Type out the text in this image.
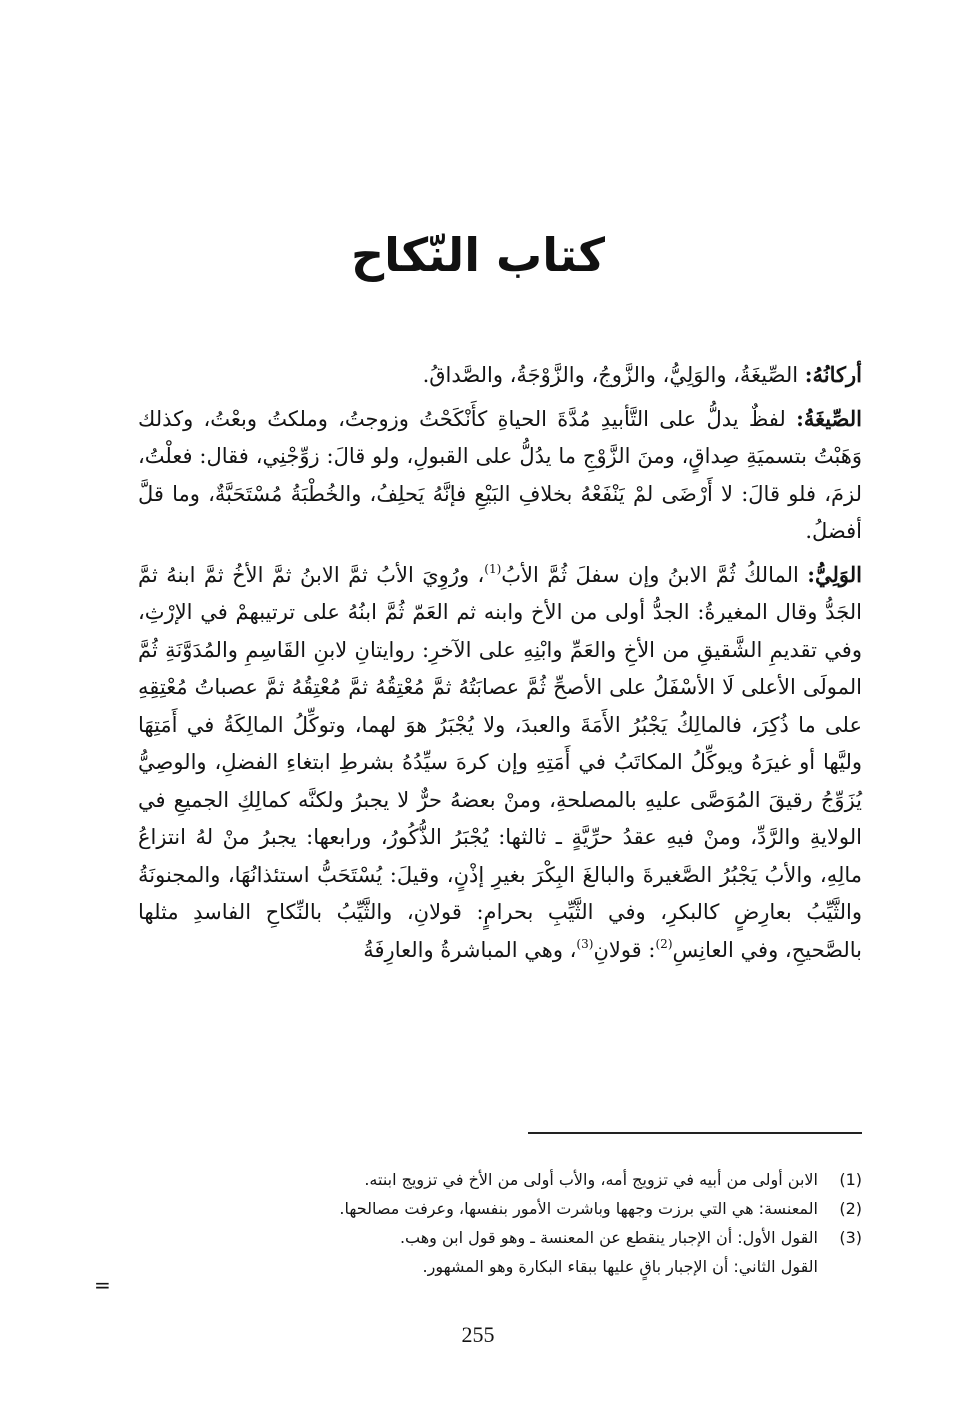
كتاب النّكاح

أركانُهُ: الصِّيغَةُ، والوَلِيُّ، والزَّوجُ، والزَّوْجَةُ، والصَّداقُ.

الصِّيغَةُ: لفظٌ يدلُّ على التَّأبيدِ مُدَّةَ الحياةِ كأَنْكَحْتُ وزوجتُ، وملكتُ وبعْتُ، وكذلك وَهَبْتُ بتسميَةِ صِداقٍ، ومنَ الزَّوْجِ ما يدُلُّ على القبولِ، ولو قالَ: زوِّجْنِي، فقال: فعلْتُ، لزمَ، فلو قالَ: لا أَرْضَى لمْ يَنْفَعْهُ بخلافِ البَيْعِ فإنَّهُ يَحلِفُ، والخُطْبَةُ مُسْتَحَبَّةٌ، وما قلَّ أفضلُ.

الوَلِيُّ: المالكُ ثُمَّ الابنُ وإن سفلَ ثُمَّ الأبُ$^{(1)}$، ورُوِيَ الأبُ ثمَّ الابنُ ثمَّ الأخُ ثمَّ ابنهُ ثمَّ الجَدُّ وقال المغيرةُ: الجدُّ أولى من الأخ وابنه ثم العَمّ ثُمَّ ابنُهُ على ترتيبهمْ في الإرْثِ، وفي تقديمِ الشَّقيقِ من الأخِ والعَمِّ وابْنِهِ على الآخرِ: روايتانِ لابنِ القَاسِمِ والمُدَوَّنَةِ ثُمَّ المولَى الأعلى لَا الأسْفَلُ على الأصحِّ ثُمَّ عصابَتُهُ ثمَّ مُعْتِقُهُ ثمَّ مُعْتِقُهُ ثمَّ عصباتُ مُعْتِقِهِ على ما ذُكِرَ، فالمالِكُ يَجْبُرُ الأَمَةَ والعبدَ، ولا يُجْبَرُ هوَ لهما، وتوكِّلُ المالِكَةُ في أَمَتِهَا وليَّها أو غيرَهُ ويوكِّلُ المكاتَبُ في أَمَتِهِ وإن كرهَ سيِّدُهُ بشرطِ ابتغاءِ الفضلِ، والوصِيُّ يُزَوِّجُ رقيقَ المُوَصَّى عليهِ بالمصلحةِ، ومنْ بعضهُ حرٌّ لا يجبرُ ولكنَّه كمالِكِ الجميعِ في الولايةِ والرَّدِّ، ومنْ فيهِ عقدُ حرِّيَّةٍ ـ ثالثها: يُجْبَرُ الذُّكُورُ، ورابعها: يجبرُ منْ لهُ انتزاعُ مالِهِ، والأبُ يَجْبُرُ الصَّغيرةَ والبالغَ البِكْرَ بغيرِ إذْنٍ، وقيلَ: يُسْتَحَبُّ استئذانُهَا، والمجنونَةُ والثَّيِّبُ بعارِضٍ كالبكرِ، وفي الثَّيِّبِ بحرامٍ: قولانِ، والثَّيِّبُ بالنِّكاحِ الفاسدِ مثلها بالصَّحيحِ، وفي العانِسِ$^{(2)}$: قولانِ$^{(3)}$، وهي المباشرةُ والعارِفَةُ

(1)
الابن أولى من أبيه في تزويج أمه، والأب أولى من الأخ في تزويج ابنته.
(2)
المعنسة: هي التي برزت وجهها وباشرت الأمور بنفسها، وعرفت مصالحها.
(3)
القول الأول: أن الإجبار ينقطع عن المعنسة ـ وهو قول ابن وهب.
القول الثاني: أن الإجبار باقٍ عليها ببقاء البكارة وهو المشهور.
=
255
